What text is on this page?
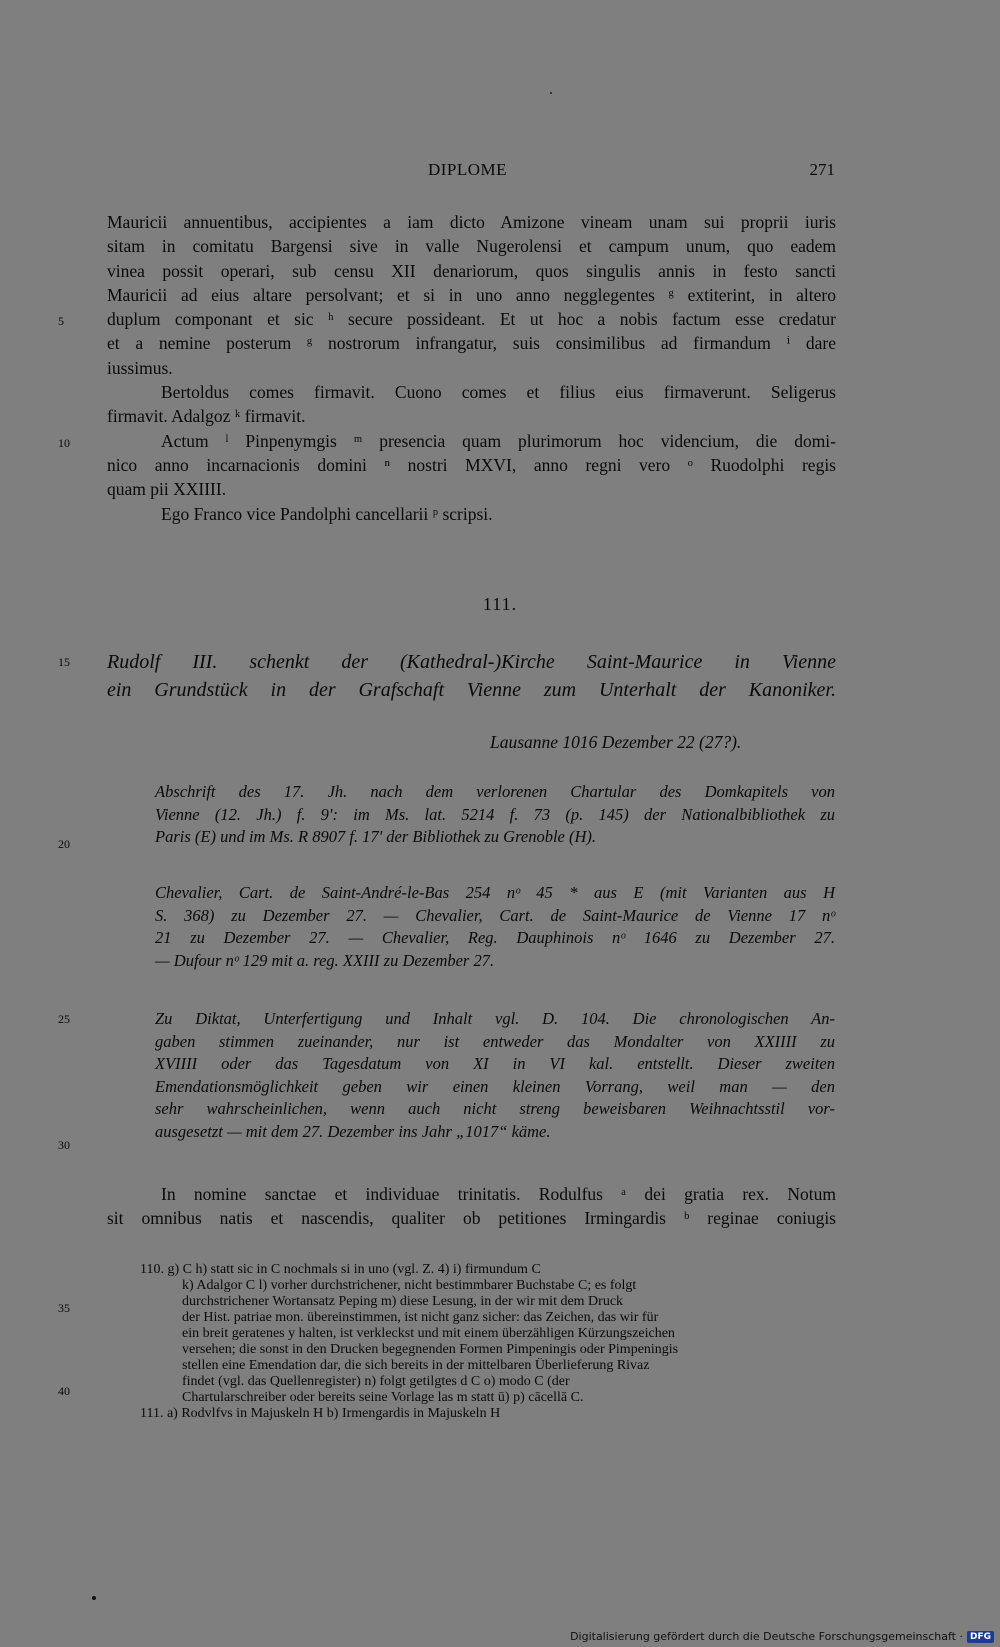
DIPLOME	271
5
10
15
20
25
30
35
40
Mauricii annuentibus, accipientes a iam dicto Amizone vineam unam sui proprii iuris
sitam in comitatu Bargensi sive in valle Nugerolensi et campum unum, quo eadem
vinea possit operari, sub censu XII denariorum, quos singulis annis in festo sancti
Mauricii ad eius altare persolvant; et si in uno anno negglegentes ᵍ extiterint, in altero
duplum componant et sic ʰ secure possideant. Et ut hoc a nobis factum esse credatur
et a nemine posterum ᵍ nostrorum infrangatur, suis consimilibus ad firmandum ⁱ dare
iussimus.
Bertoldus comes firmavit. Cuono comes et filius eius firmaverunt. Seligerus
firmavit. Adalgoz ᵏ firmavit.
Actum ˡ Pinpenymgis ᵐ presencia quam plurimorum hoc videncium, die domi-
nico anno incarnacionis domini ⁿ nostri MXVI, anno regni vero ᵒ Ruodolphi regis
quam pii XXIIII.
Ego Franco vice Pandolphi cancellarii ᵖ scripsi.
111.
Rudolf III. schenkt der (Kathedral-)Kirche Saint-Maurice in Vienne
ein Grundstück in der Grafschaft Vienne zum Unterhalt der Kanoniker.
Lausanne 1016 Dezember 22 (27?).
Abschrift des 17. Jh. nach dem verlorenen Chartular des Domkapitels von
Vienne (12. Jh.) f. 9': im Ms. lat. 5214 f. 73 (p. 145) der Nationalbibliothek zu
Paris (E) und im Ms. R 8907 f. 17' der Bibliothek zu Grenoble (H).
Chevalier, Cart. de Saint-André-le-Bas 254 nᵒ 45 * aus E (mit Varianten aus H
S. 368) zu Dezember 27. — Chevalier, Cart. de Saint-Maurice de Vienne 17 nᵒ
21 zu Dezember 27. — Chevalier, Reg. Dauphinois nᵒ 1646 zu Dezember 27.
— Dufour nᵒ 129 mit a. reg. XXIII zu Dezember 27.
Zu Diktat, Unterfertigung und Inhalt vgl. D. 104. Die chronologischen An-
gaben stimmen zueinander, nur ist entweder das Mondalter von XXIIII zu
XVIIII oder das Tagesdatum von XI in VI kal. entstellt. Dieser zweiten
Emendationsmöglichkeit geben wir einen kleinen Vorrang, weil man — den
sehr wahrscheinlichen, wenn auch nicht streng beweisbaren Weihnachtsstil vor-
ausgesetzt — mit dem 27. Dezember ins Jahr „1017“ käme.
In nomine sanctae et individuae trinitatis. Rodulfus ᵃ dei gratia rex. Notum
sit omnibus natis et nascendis, qualiter ob petitiones Irmingardis ᵇ reginae coniugis
110. g) C h) statt sic in C nochmals si in uno (vgl. Z. 4) i) firmundum C
k) Adalgor C l) vorher durchstrichener, nicht bestimmbarer Buchstabe C; es folgt
durchstrichener Wortansatz Peping m) diese Lesung, in der wir mit dem Druck
der Hist. patriae mon. übereinstimmen, ist nicht ganz sicher: das Zeichen, das wir für
ein breit geratenes y halten, ist verkleckst und mit einem überzähligen Kürzungszeichen
versehen; die sonst in den Drucken begegnenden Formen Pimpeningis oder Pimpeningis
stellen eine Emendation dar, die sich bereits in der mittelbaren Überlieferung Rivaz
findet (vgl. das Quellenregister) n) folgt getilgtes d C o) modo C (der
Chartularschreiber oder bereits seine Vorlage las m statt ū) p) cācellā C.
111. a) Rodvlfvs in Majuskeln H b) Irmengardis in Majuskeln H
Digitalisierung gefördert durch die Deutsche Forschungsgemeinschaft · DFG
